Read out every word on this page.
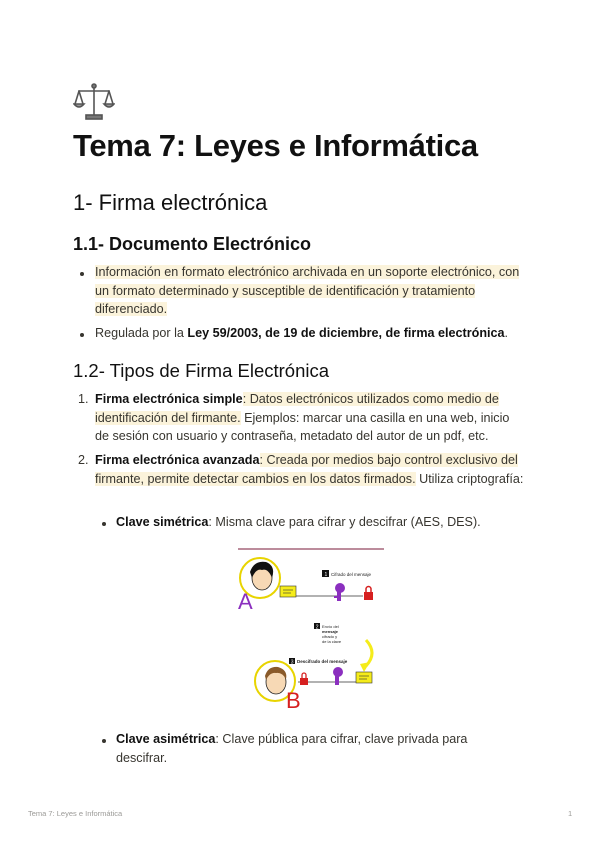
Tema 7: Leyes e Informática
1- Firma electrónica
1.1- Documento Electrónico
Información en formato electrónico archivada en un soporte electrónico, con un formato determinado y susceptible de identificación y tratamiento diferenciado.
Regulada por la Ley 59/2003, de 19 de diciembre, de firma electrónica.
1.2- Tipos de Firma Electrónica
1. Firma electrónica simple: Datos electrónicos utilizados como medio de identificación del firmante. Ejemplos: marcar una casilla en una web, inicio de sesión con usuario y contraseña, metadato del autor de un pdf, etc.
2. Firma electrónica avanzada: Creada por medios bajo control exclusivo del firmante, permite detectar cambios en los datos firmados. Utiliza criptografía:
Clave simétrica: Misma clave para cifrar y descifrar (AES, DES).
A
1 Cifrado del mensaje
2 Envío del
mensaje
cifrado y
de la clave
3 Descifrado del mensaje
B
Clave asimétrica: Clave pública para cifrar, clave privada para descifrar.
Tema 7: Leyes e Informática	1
